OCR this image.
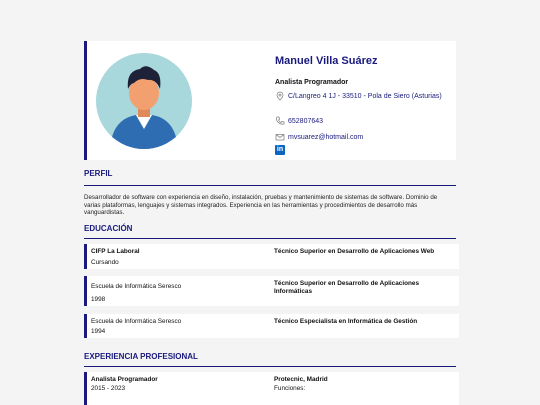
Manuel Villa Suárez
Analista Programador
C/Langreo 4 1J - 33510 - Pola de Siero (Asturias)
652807643
mvsuarez@hotmail.com
in
PERFIL
Desarrollador de software con experiencia en diseño, instalación, pruebas y mantenimiento de sistemas de software. Dominio de varias plataformas, lenguajes y sistemas integrados. Experiencia en las herramientas y procedimientos de desarrollo más vanguardistas.
EDUCACIÓN
CIFP La Laboral
Cursando
Técnico Superior en Desarrollo de Aplicaciones Web
Escuela de Informática Seresco
1998
Técnico Superior en Desarrollo de Aplicaciones Informáticas
Escuela de Informática Seresco
1994
Técnico Especialista en Informática de Gestión
EXPERIENCIA PROFESIONAL
Analista Programador
2015 - 2023
Protecnic, Madrid
Funciones:
